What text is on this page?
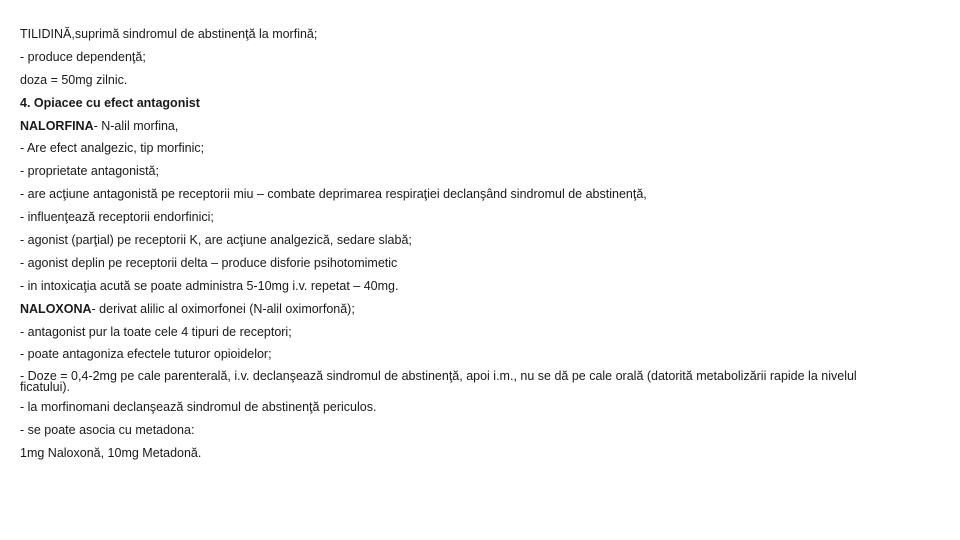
TILIDINĂ,suprimă sindromul de abstinenţă la morfină;

- produce dependenţă;

doza = 50mg zilnic.

4. Opiacee cu efect antagonist

NALORFINA- N-alil morfina,

- Are efect analgezic, tip morfinic;

- proprietate antagonistă;

- are acţiune antagonistă pe receptorii miu – combate deprimarea respiraţiei declanşând sindromul de abstinenţă,

- influenţează receptorii endorfinici;

- agonist (parţial) pe receptorii K, are acţiune analgezică, sedare slabă;

- agonist deplin pe receptorii delta – produce disforie psihotomimetic

- in intoxicaţia acută se poate administra 5-10mg i.v. repetat – 40mg.

NALOXONA- derivat alilic al oximorfonei (N-alil oximorfonă);

- antagonist pur la toate cele 4 tipuri de receptori;

- poate antagoniza efectele tuturor opioidelor;

- Doze = 0,4-2mg pe cale parenterală, i.v. declanşează sindromul de abstinenţă, apoi i.m., nu se dă pe cale orală (datorită metabolizării rapide la nivelul ficatului).

- la morfinomani declanşează sindromul de abstinenţă periculos.

- se poate asocia cu metadona:

1mg Naloxonă, 10mg Metadonă.
